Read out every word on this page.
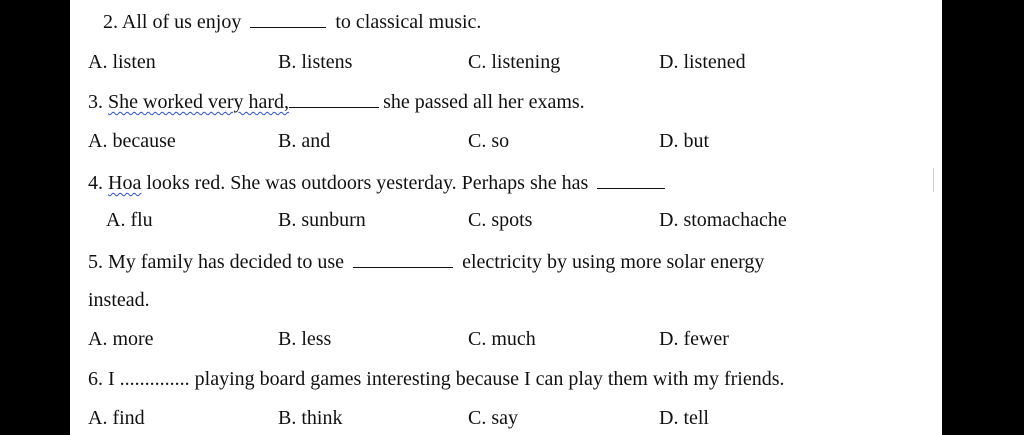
2. All of us enjoy	to classical music.
A. listen	B. listens	C. listening	D. listened
3. She worked very hard,	she passed all her exams.
A. because	B. and	C. so	D. but
4. Hoa looks red. She was outdoors yesterday. Perhaps she has
A. flu	B. sunburn	C. spots	D. stomachache
5. My family has decided to use	electricity by using more solar energy
instead.
A. more	B. less	C. much	D. fewer
6. I .............. playing board games interesting because I can play them with my friends.
A. find	B. think	C. say	D. tell
